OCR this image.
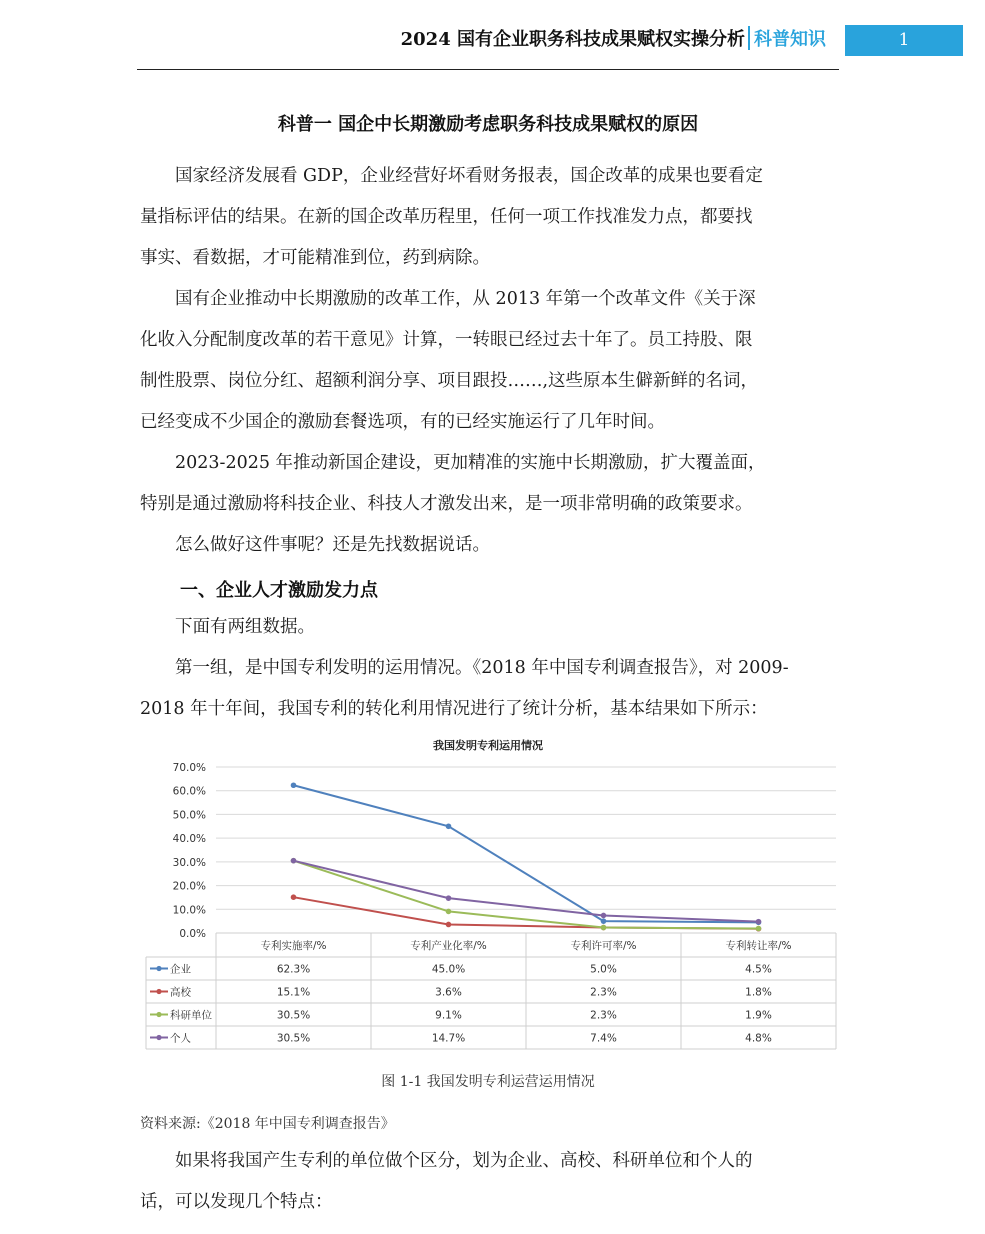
2024 国有企业职务科技成果赋权实操分析 科普知识	1
科普一 国企中长期激励考虑职务科技成果赋权的原因
　　国家经济发展看 GDP，企业经营好坏看财务报表，国企改革的成果也要看定
量指标评估的结果。在新的国企改革历程里，任何一项工作找准发力点，都要找
事实、看数据，才可能精准到位，药到病除。
　　国有企业推动中长期激励的改革工作，从 2013 年第一个改革文件《关于深
化收入分配制度改革的若干意见》计算，一转眼已经过去十年了。员工持股、限
制性股票、岗位分红、超额利润分享、项目跟投……,这些原本生僻新鲜的名词，
已经变成不少国企的激励套餐选项，有的已经实施运行了几年时间。
　　2023-2025 年推动新国企建设，更加精准的实施中长期激励，扩大覆盖面，
特别是通过激励将科技企业、科技人才激发出来，是一项非常明确的政策要求。
　　怎么做好这件事呢？还是先找数据说话。
一、企业人才激励发力点
　　下面有两组数据。
　　第一组，是中国专利发明的运用情况。《2018 年中国专利调查报告》，对 2009-
2018 年十年间，我国专利的转化利用情况进行了统计分析，基本结果如下所示：
我国发明专利运用情况
0.0%
10.0%
20.0%
30.0%
40.0%
50.0%
60.0%
70.0%
专利实施率/%	专利产业化率/%	专利许可率/%	专利转让率/%
企业	62.3%	45.0%	5.0%	4.5%
高校	15.1%	3.6%	2.3%	1.8%
科研单位	30.5%	9.1%	2.3%	1.9%
个人	30.5%	14.7%	7.4%	4.8%
图 1-1 我国发明专利运营运用情况
资料来源:《2018 年中国专利调查报告》
　　如果将我国产生专利的单位做个区分，划为企业、高校、科研单位和个人的
话，可以发现几个特点：
